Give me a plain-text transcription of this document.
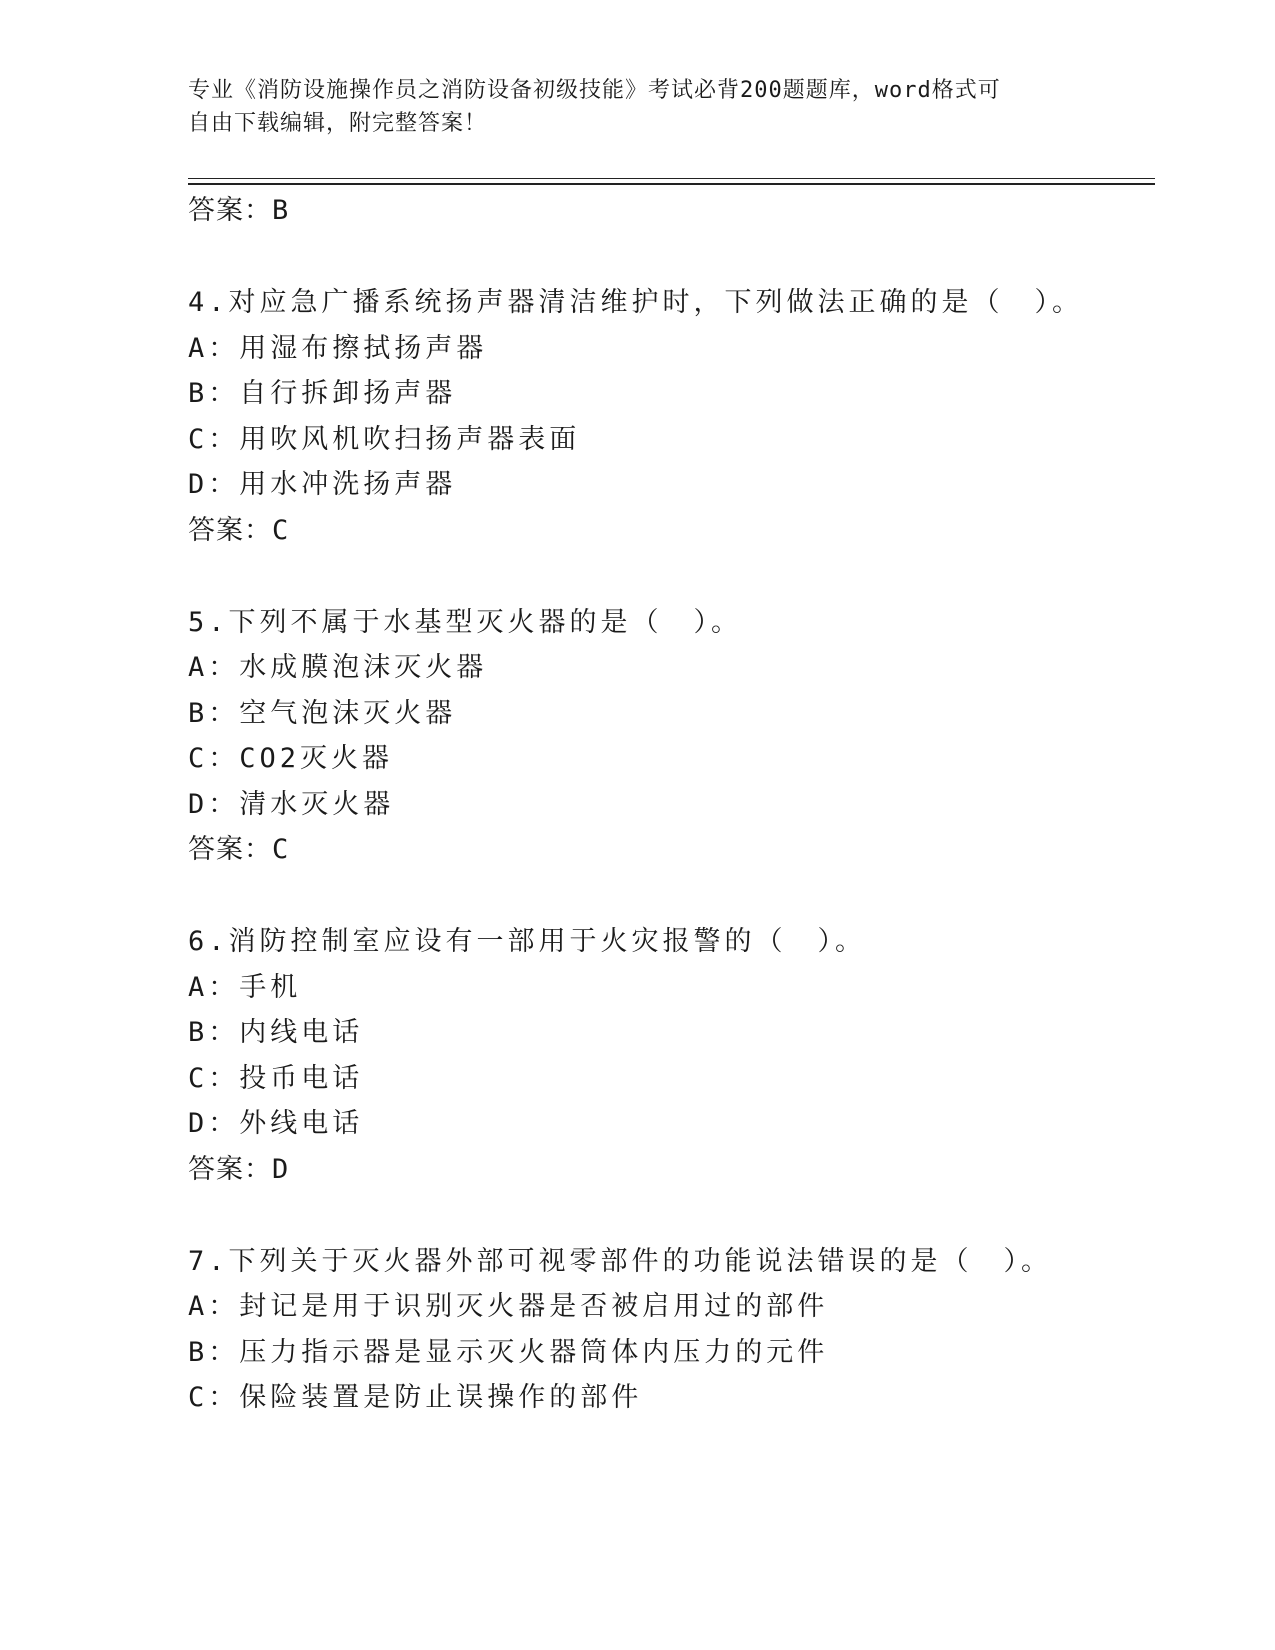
专业《消防设施操作员之消防设备初级技能》考试必背200题题库，word格式可
自由下载编辑，附完整答案！
答案：B
4.对应急广播系统扬声器清洁维护时，下列做法正确的是（　）。
A：用湿布擦拭扬声器
B：自行拆卸扬声器
C：用吹风机吹扫扬声器表面
D：用水冲洗扬声器
答案：C
5.下列不属于水基型灭火器的是（　）。
A：水成膜泡沫灭火器
B：空气泡沫灭火器
C：CO2灭火器
D：清水灭火器
答案：C
6.消防控制室应设有一部用于火灾报警的（　）。
A：手机
B：内线电话
C：投币电话
D：外线电话
答案：D
7.下列关于灭火器外部可视零部件的功能说法错误的是（　）。
A：封记是用于识别灭火器是否被启用过的部件
B：压力指示器是显示灭火器筒体内压力的元件
C：保险装置是防止误操作的部件
